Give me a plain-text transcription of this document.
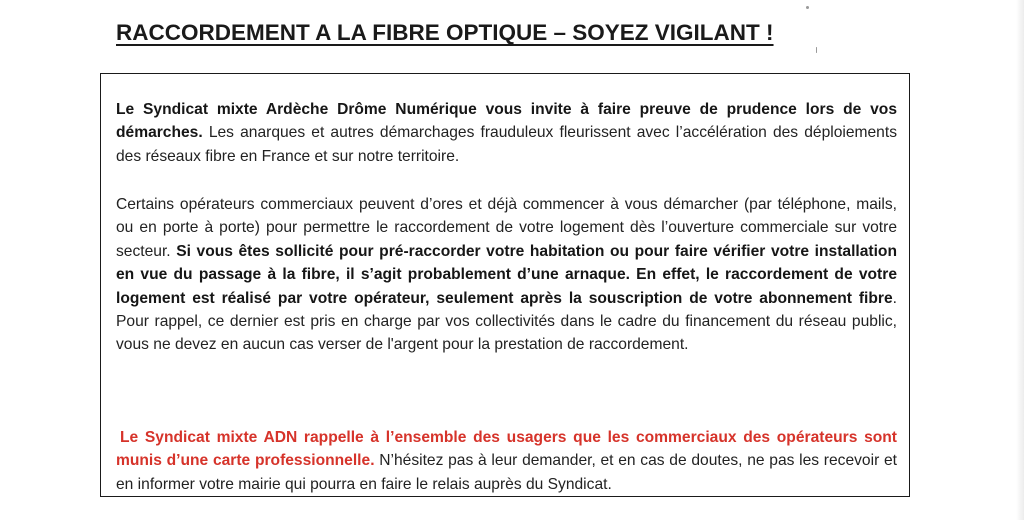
RACCORDEMENT A LA FIBRE OPTIQUE – SOYEZ VIGILANT !

Le Syndicat mixte Ardèche Drôme Numérique vous invite à faire preuve de prudence lors de vos démarches. Les anarques et autres démarchages frauduleux fleurissent avec l’accélération des déploiements des réseaux fibre en France et sur notre territoire.

Certains opérateurs commerciaux peuvent d’ores et déjà commencer à vous démarcher (par téléphone, mails, ou en porte à porte) pour permettre le raccordement de votre logement dès l’ouverture commerciale sur votre secteur. Si vous êtes sollicité pour pré-raccorder votre habitation ou pour faire vérifier votre installation en vue du passage à la fibre, il s’agit probablement d’une arnaque. En effet, le raccordement de votre logement est réalisé par votre opérateur, seulement après la souscription de votre abonnement fibre. Pour rappel, ce dernier est pris en charge par vos collectivités dans le cadre du financement du réseau public, vous ne devez en aucun cas verser de l'argent pour la prestation de raccordement.

Le Syndicat mixte ADN rappelle à l’ensemble des usagers que les commerciaux des opérateurs sont munis d’une carte professionnelle. N’hésitez pas à leur demander, et en cas de doutes, ne pas les recevoir et en informer votre mairie qui pourra en faire le relais auprès du Syndicat.
